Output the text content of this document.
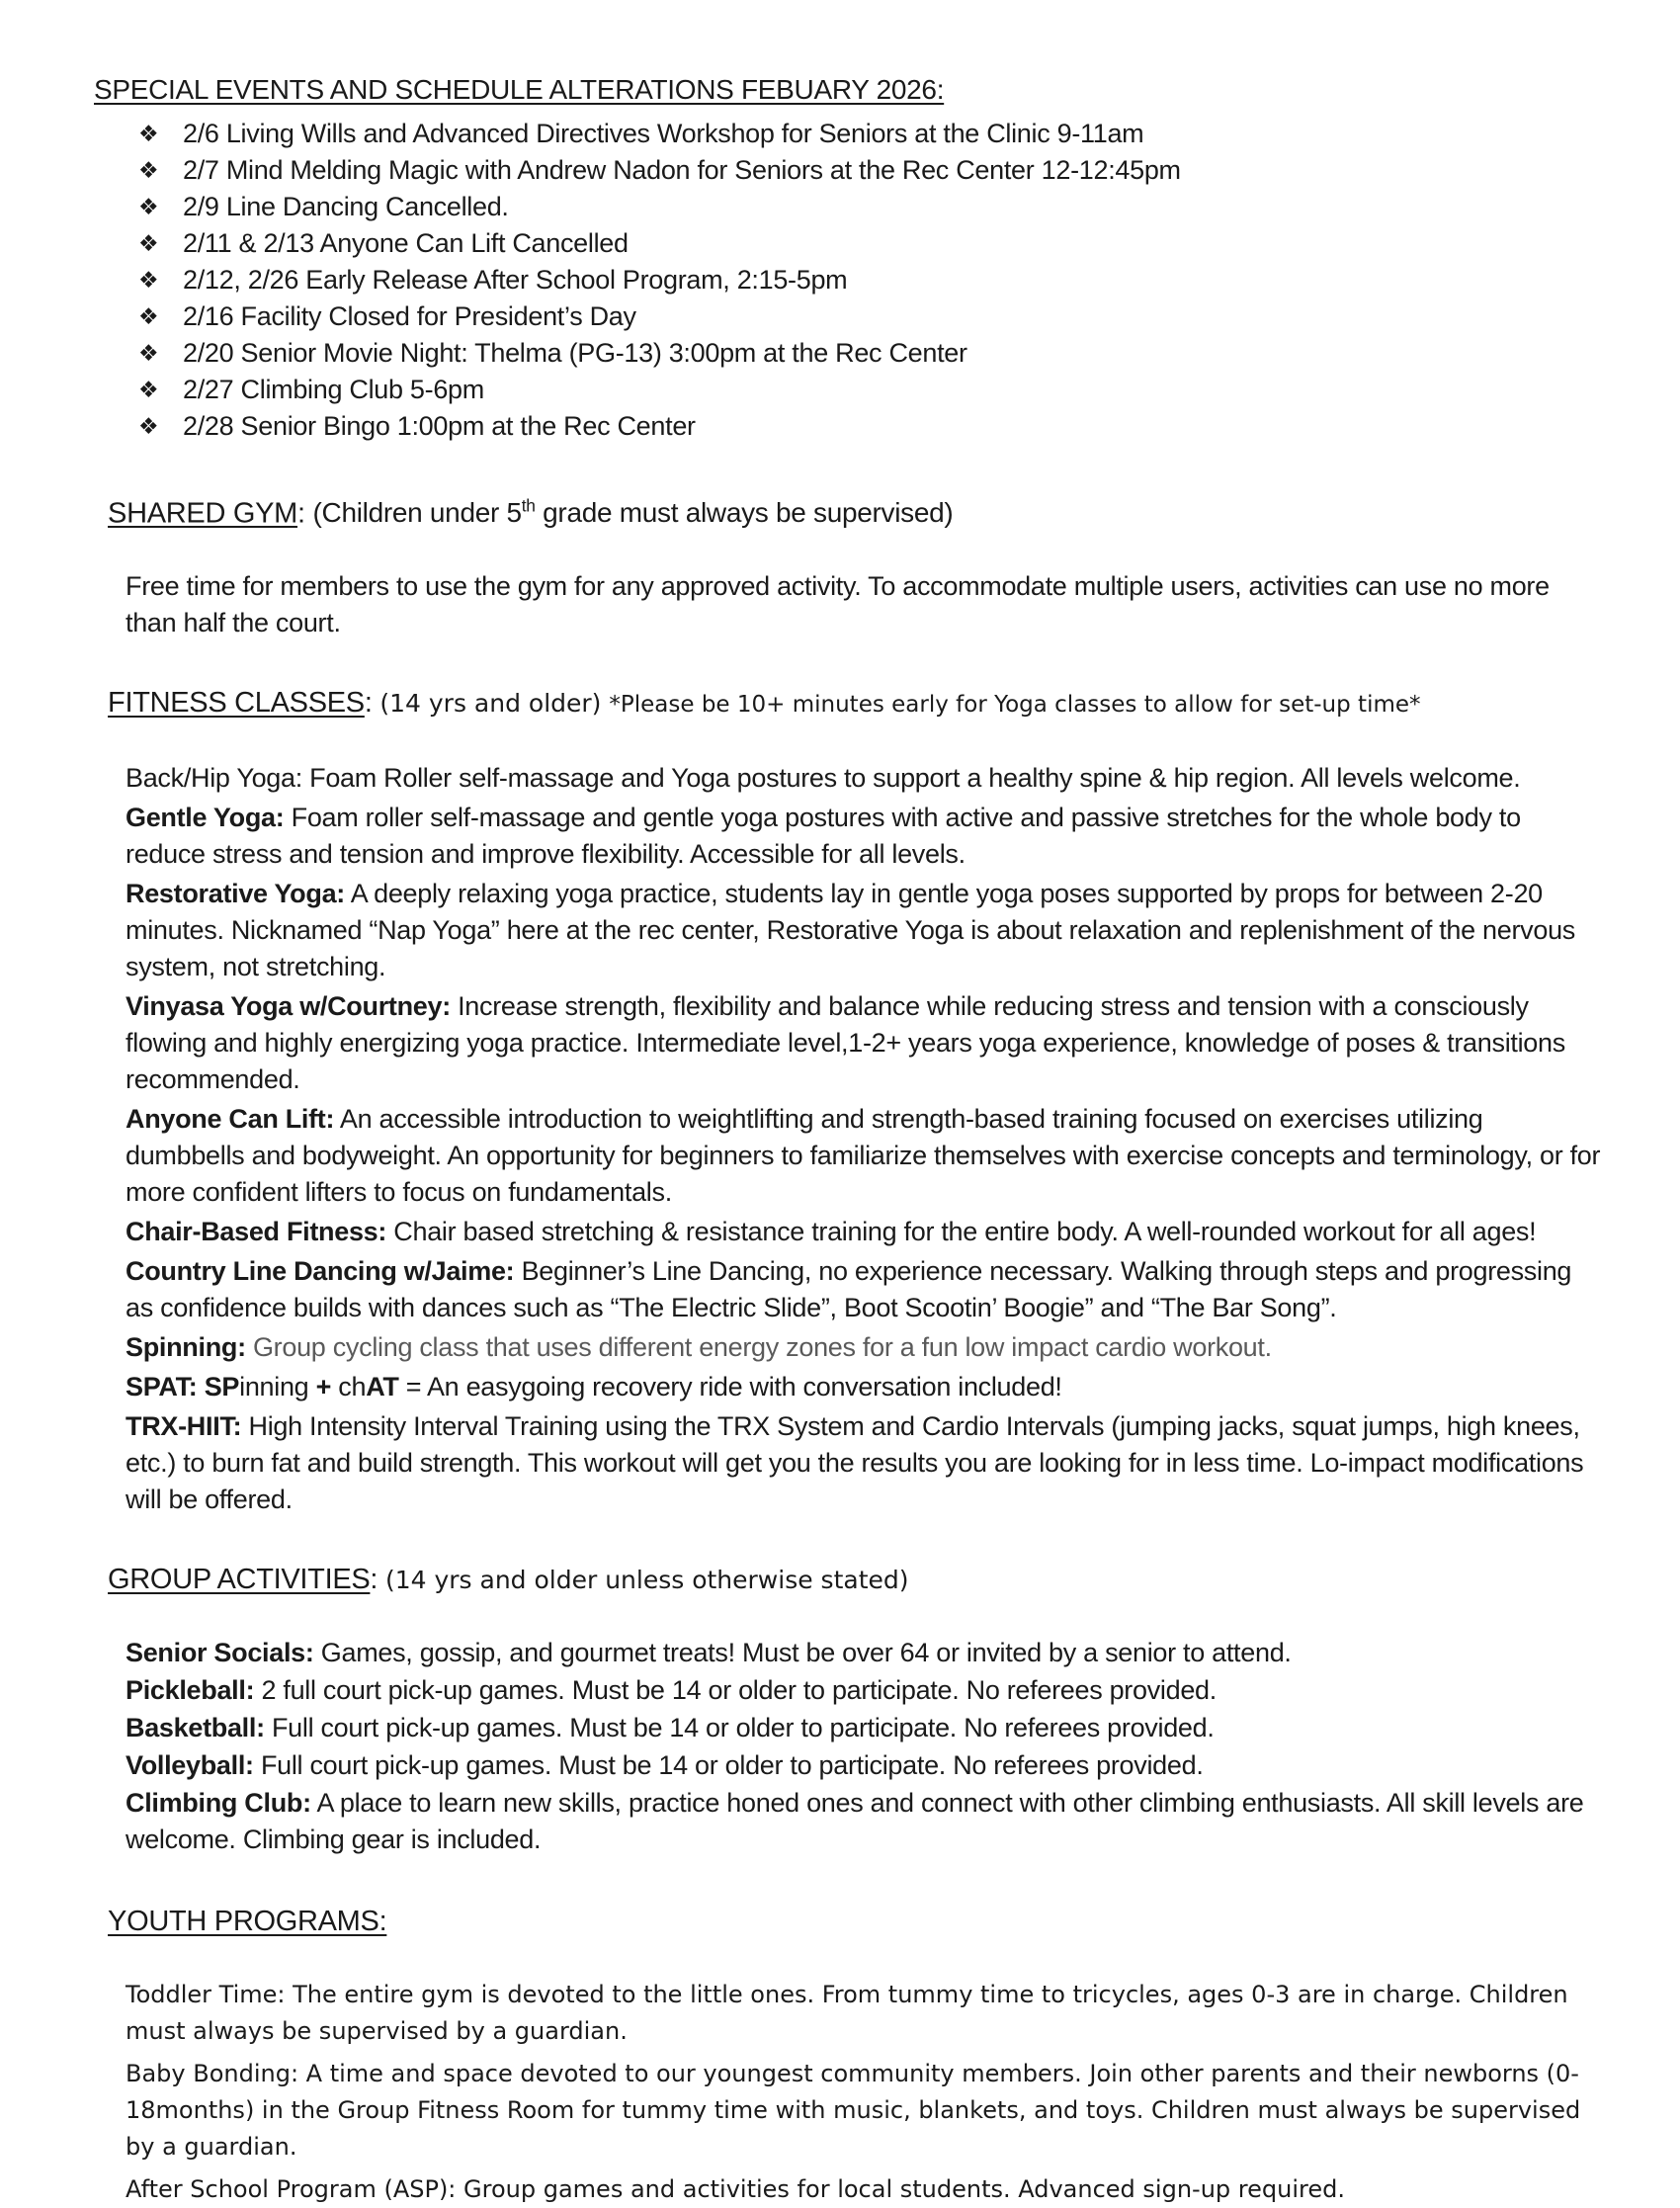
SPECIAL EVENTS AND SCHEDULE ALTERATIONS FEBUARY 2026:

❖ 2/6 Living Wills and Advanced Directives Workshop for Seniors at the Clinic 9-11am
❖ 2/7 Mind Melding Magic with Andrew Nadon for Seniors at the Rec Center 12-12:45pm
❖ 2/9 Line Dancing Cancelled.
❖ 2/11 & 2/13 Anyone Can Lift Cancelled
❖ 2/12, 2/26 Early Release After School Program, 2:15-5pm
❖ 2/16 Facility Closed for President’s Day
❖ 2/20 Senior Movie Night: Thelma (PG-13) 3:00pm at the Rec Center
❖ 2/27 Climbing Club 5-6pm
❖ 2/28 Senior Bingo 1:00pm at the Rec Center

SHARED GYM: (Children under 5th grade must always be supervised)

Free time for members to use the gym for any approved activity. To accommodate multiple users, activities can use no more than half the court.

FITNESS CLASSES: (14 yrs and older) *Please be 10+ minutes early for Yoga classes to allow for set-up time*

Back/Hip Yoga: Foam Roller self-massage and Yoga postures to support a healthy spine & hip region. All levels welcome.

Gentle Yoga: Foam roller self-massage and gentle yoga postures with active and passive stretches for the whole body to reduce stress and tension and improve flexibility. Accessible for all levels.

Restorative Yoga: A deeply relaxing yoga practice, students lay in gentle yoga poses supported by props for between 2-20 minutes. Nicknamed “Nap Yoga” here at the rec center, Restorative Yoga is about relaxation and replenishment of the nervous system, not stretching.

Vinyasa Yoga w/Courtney: Increase strength, flexibility and balance while reducing stress and tension with a consciously flowing and highly energizing yoga practice. Intermediate level,1-2+ years yoga experience, knowledge of poses & transitions recommended.

Anyone Can Lift: An accessible introduction to weightlifting and strength-based training focused on exercises utilizing dumbbells and bodyweight. An opportunity for beginners to familiarize themselves with exercise concepts and terminology, or for more confident lifters to focus on fundamentals.

Chair-Based Fitness: Chair based stretching & resistance training for the entire body. A well-rounded workout for all ages!

Country Line Dancing w/Jaime: Beginner’s Line Dancing, no experience necessary. Walking through steps and progressing as confidence builds with dances such as “The Electric Slide”, Boot Scootin’ Boogie” and “The Bar Song”.

Spinning: Group cycling class that uses different energy zones for a fun low impact cardio workout.

SPAT: SPinning + chAT = An easygoing recovery ride with conversation included!

TRX-HIIT: High Intensity Interval Training using the TRX System and Cardio Intervals (jumping jacks, squat jumps, high knees, etc.) to burn fat and build strength. This workout will get you the results you are looking for in less time. Lo-impact modifications will be offered.

GROUP ACTIVITIES: (14 yrs and older unless otherwise stated)

Senior Socials: Games, gossip, and gourmet treats! Must be over 64 or invited by a senior to attend.

Pickleball: 2 full court pick-up games. Must be 14 or older to participate. No referees provided.

Basketball: Full court pick-up games. Must be 14 or older to participate. No referees provided.

Volleyball: Full court pick-up games. Must be 14 or older to participate. No referees provided.

Climbing Club: A place to learn new skills, practice honed ones and connect with other climbing enthusiasts. All skill levels are welcome. Climbing gear is included.

YOUTH PROGRAMS:

Toddler Time: The entire gym is devoted to the little ones. From tummy time to tricycles, ages 0-3 are in charge. Children must always be supervised by a guardian.

Baby Bonding: A time and space devoted to our youngest community members. Join other parents and their newborns (0-18months) in the Group Fitness Room for tummy time with music, blankets, and toys. Children must always be supervised by a guardian.

After School Program (ASP): Group games and activities for local students. Advanced sign-up required.
